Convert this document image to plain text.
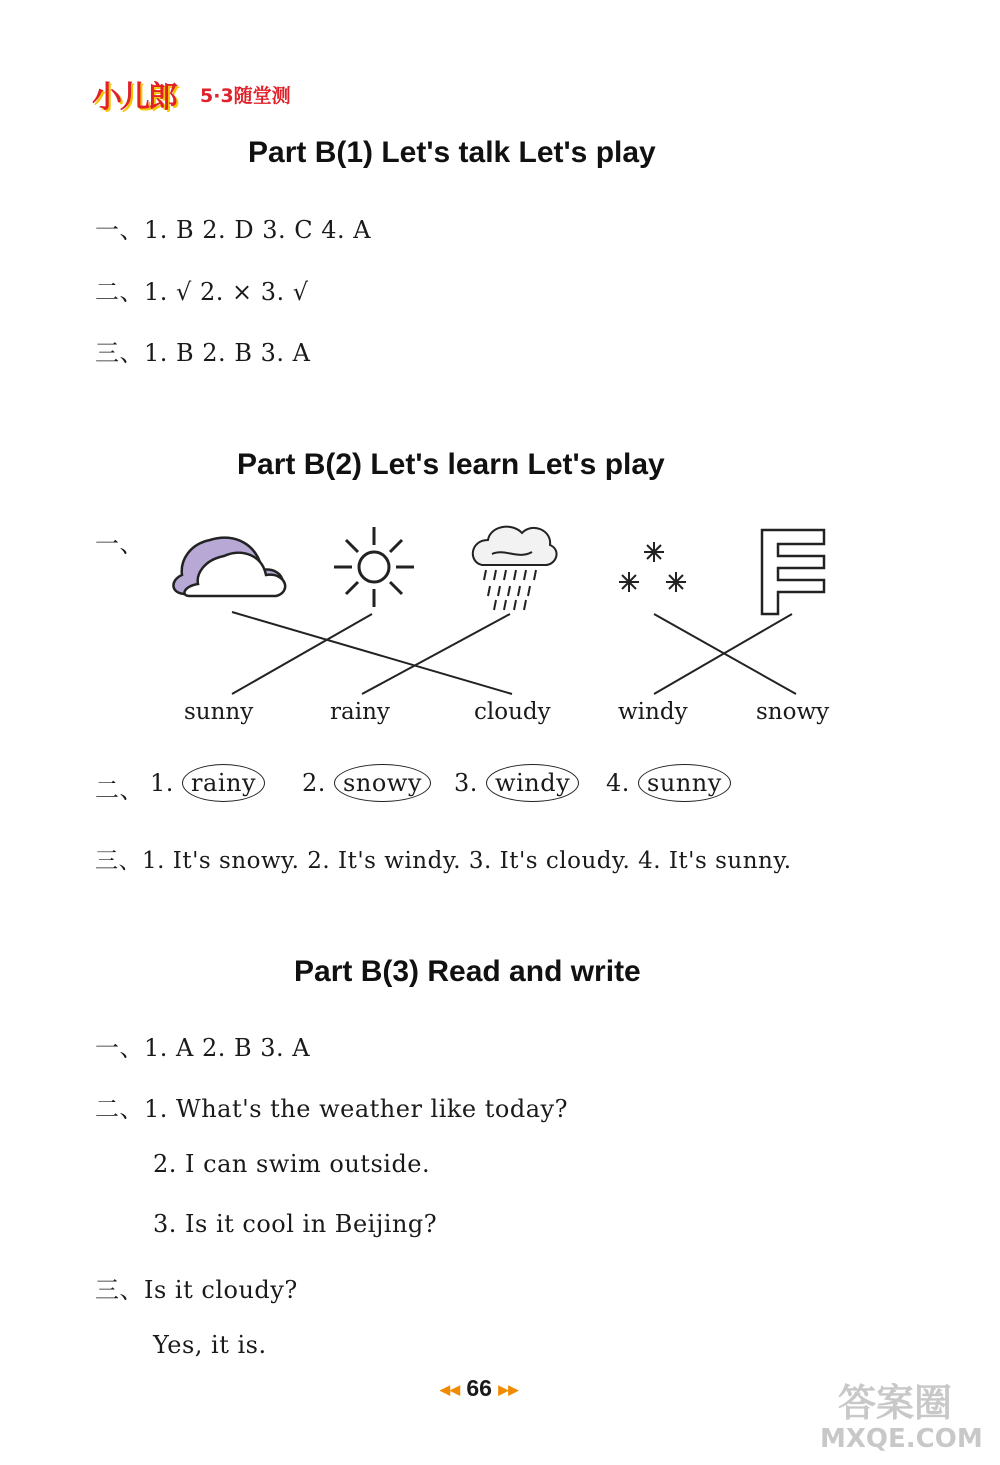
小儿郎 5·3随堂测
Part B(1) Let's talk Let's play
一、1. B 2. D 3. C 4. A
二、1. √ 2. × 3. √
三、1. B 2. B 3. A
Part B(2) Let's learn Let's play
一、
sunny	rainy	cloudy	windy	snowy
二、 1. rainy	2. snowy	3. windy	4. sunny
三、1. It's snowy. 2. It's windy. 3. It's cloudy. 4. It's sunny.
Part B(3) Read and write
一、1. A 2. B 3. A
二、1. What's the weather like today?
2. I can swim outside.
3. Is it cool in Beijing?
三、Is it cloudy?
Yes, it is.
◀◀ 66 ▶▶	答案圈
MXQE.COM
